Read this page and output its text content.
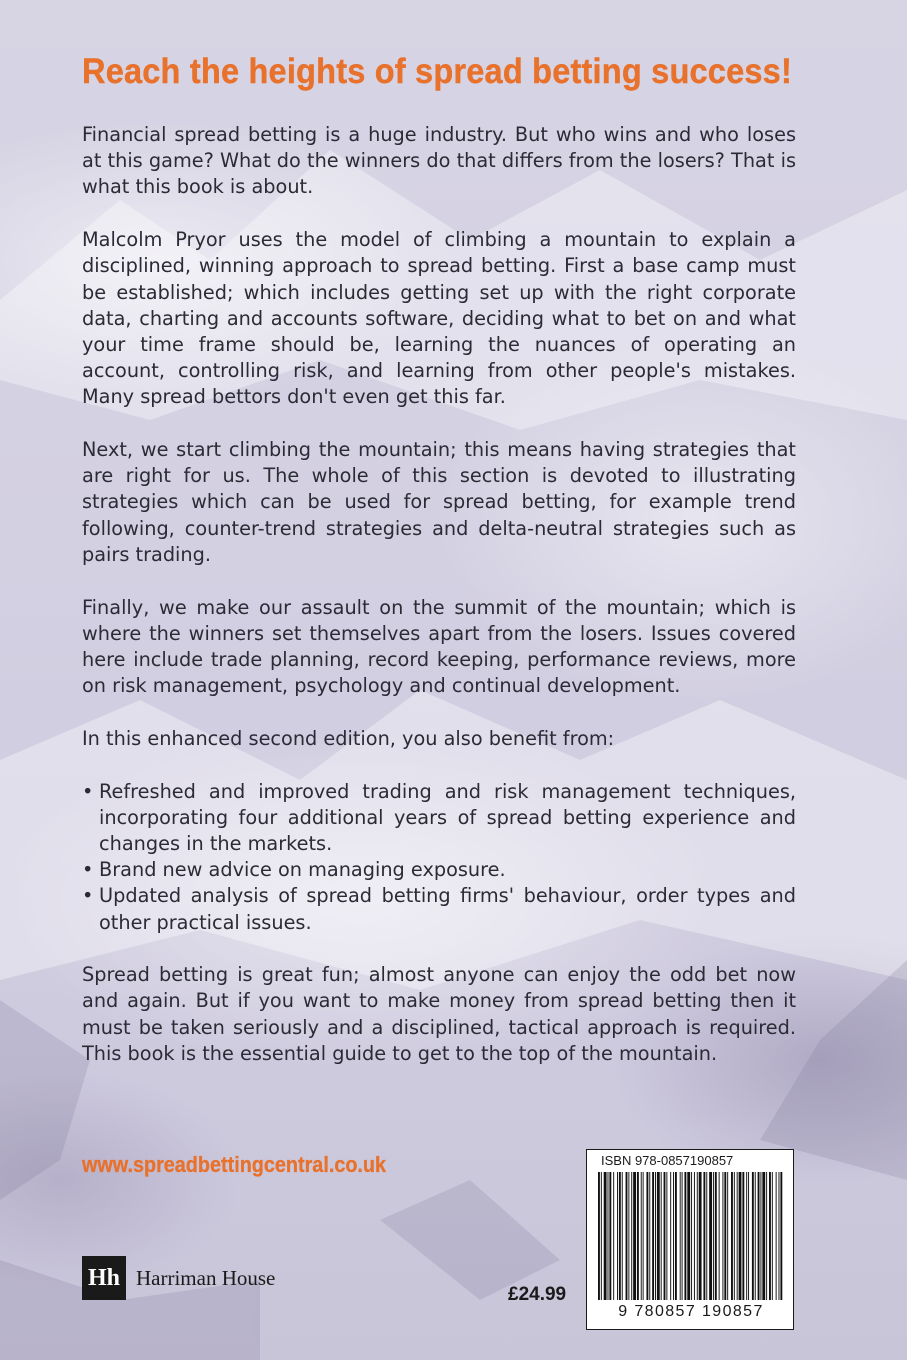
Reach the heights of spread betting success!

Financial spread betting is a huge industry. But who wins and who loses at this game? What do the winners do that differs from the losers? That is what this book is about.

Malcolm Pryor uses the model of climbing a mountain to explain a disciplined, winning approach to spread betting. First a base camp must be established; which includes getting set up with the right corporate data, charting and accounts software, deciding what to bet on and what your time frame should be, learning the nuances of operating an account, controlling risk, and learning from other people's mistakes. Many spread bettors don't even get this far.

Next, we start climbing the mountain; this means having strategies that are right for us. The whole of this section is devoted to illustrating strategies which can be used for spread betting, for example trend following, counter-trend strategies and delta-neutral strategies such as pairs trading.

Finally, we make our assault on the summit of the mountain; which is where the winners set themselves apart from the losers. Issues covered here include trade planning, record keeping, performance reviews, more on risk management, psychology and continual development.

In this enhanced second edition, you also benefit from:

• Refreshed and improved trading and risk management techniques, incorporating four additional years of spread betting experience and changes in the markets.
• Brand new advice on managing exposure.
• Updated analysis of spread betting firms' behaviour, order types and other practical issues.

Spread betting is great fun; almost anyone can enjoy the odd bet now and again. But if you want to make money from spread betting then it must be taken seriously and a disciplined, tactical approach is required. This book is the essential guide to get to the top of the mountain.

www.spreadbettingcentral.co.uk
Hh Harriman House
£24.99
ISBN 978-0857190857
9 780857 190857
